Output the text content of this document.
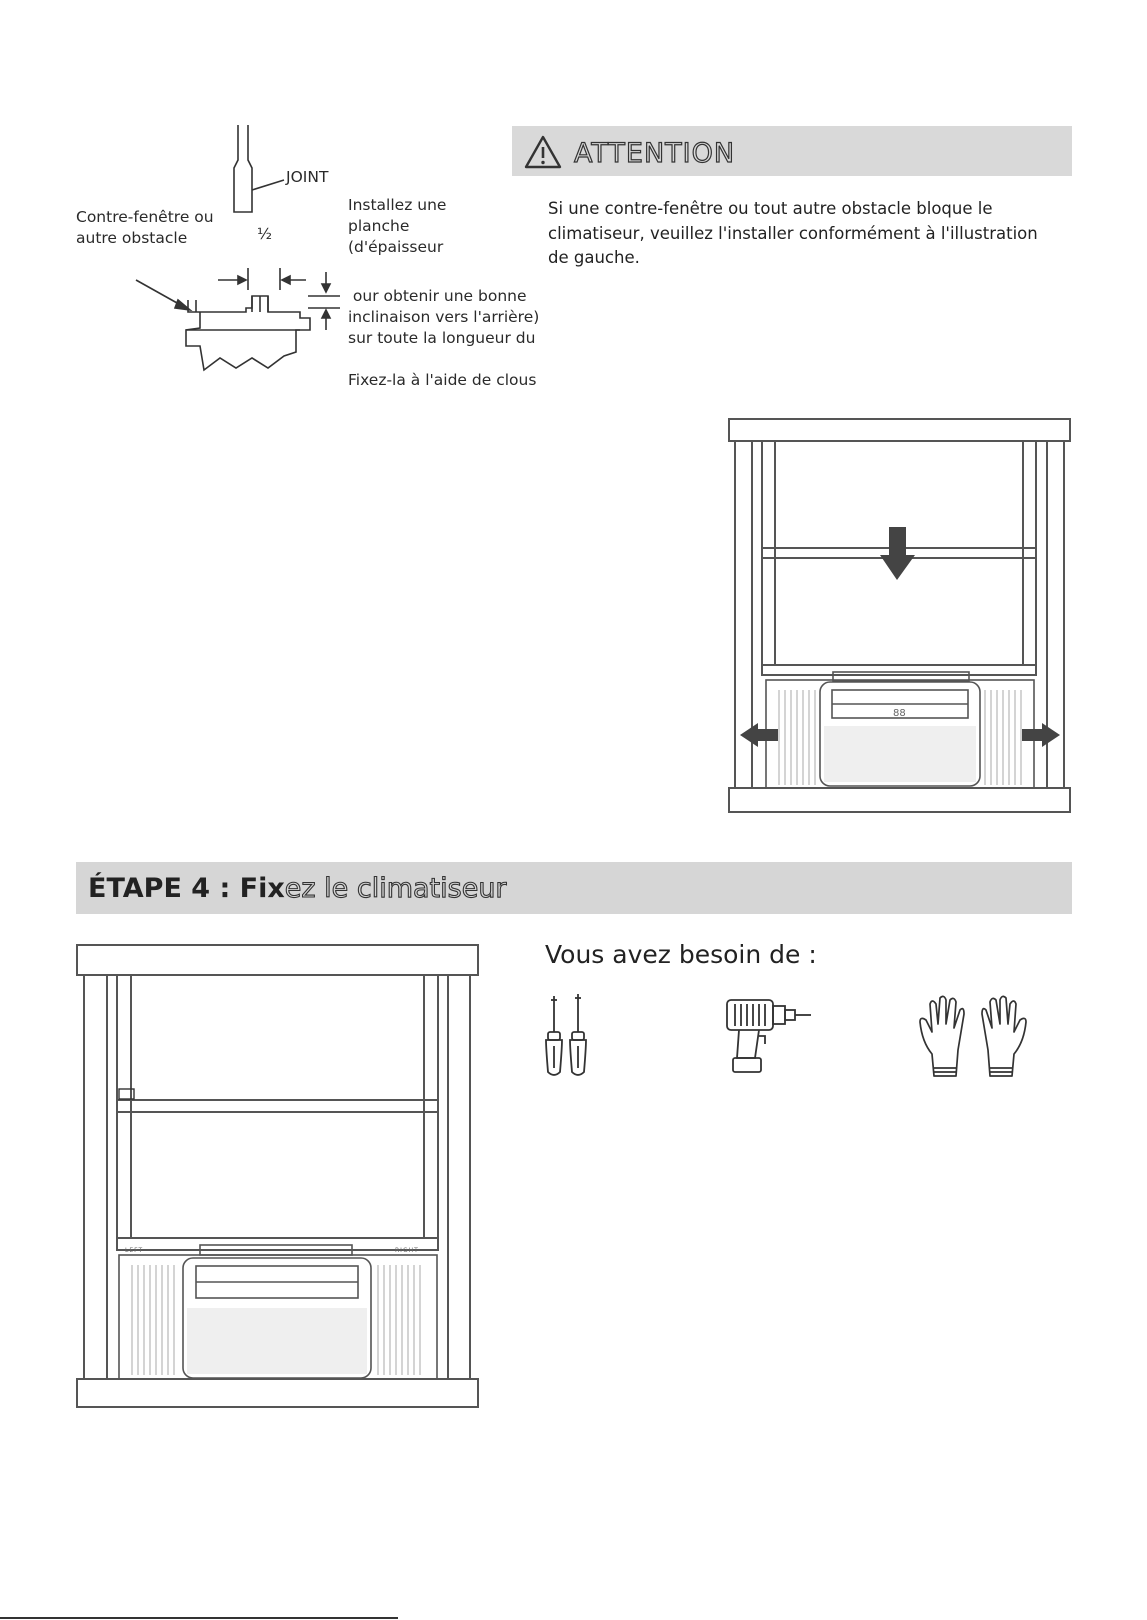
JOINT
Contre-fenêtre ou
autre obstacle	½
Installez une
planche
(d'épaisseur
our obtenir une bonne
inclinaison vers l'arrière)
sur toute la longueur du
Fixez-la à l'aide de clous
ATTENTION
Si une contre-fenêtre ou tout autre obstacle bloque le climatiseur, veuillez l'installer conformément à l'illustration de gauche.
88
ÉTAPE 4 : Fixez le climatiseur
LEFT	RIGHT
Vous avez besoin de :
